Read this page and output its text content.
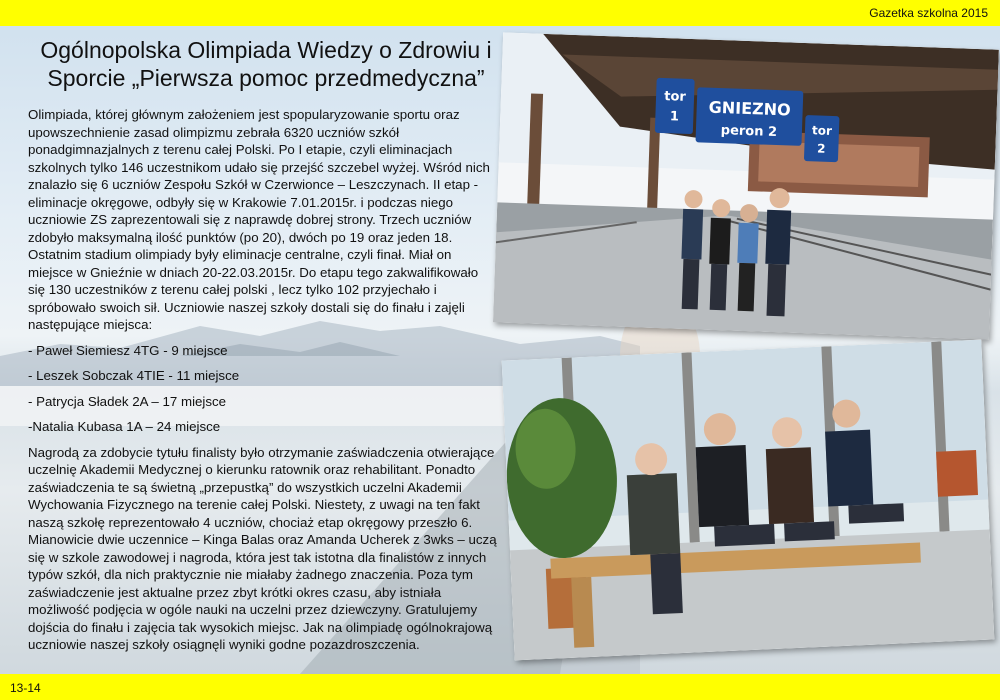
Gazetka szkolna 2015
Ogólnopolska Olimpiada Wiedzy o Zdrowiu i Sporcie „Pierwsza pomoc przedmedyczna”

Olimpiada, której głównym założeniem jest spopularyzowanie sportu oraz upowszechnienie zasad olimpizmu zebrała 6320 uczniów szkół ponadgimnazjalnych z terenu całej Polski. Po I etapie, czyli eliminacjach szkolnych tylko 146 uczestnikom udało się przejść szczebel wyżej. Wśród nich znalazło się 6 uczniów Zespołu Szkół w Czerwionce – Leszczynach. II etap - eliminacje okręgowe, odbyły się w Krakowie 7.01.2015r. i podczas niego uczniowie ZS zaprezentowali się z naprawdę dobrej strony. Trzech uczniów zdobyło maksymalną ilość punktów (po 20), dwóch po 19 oraz jeden 18. Ostatnim stadium olimpiady były eliminacje centralne, czyli finał. Miał on miejsce w Gnieźnie w dniach 20-22.03.2015r. Do etapu tego zakwalifikowało się 130 uczestników z terenu całej polski , lecz tylko 102 przyjechało i spróbowało swoich sił. Uczniowie naszej szkoły dostali się do finału i zajęli następujące miejsca:

- Paweł Siemiesz 4TG - 9 miejsce
- Leszek Sobczak 4TIE - 11 miejsce
- Patrycja Sładek 2A – 17 miejsce
-Natalia Kubasa 1A – 24 miejsce

Nagrodą za zdobycie tytułu finalisty było otrzymanie zaświadczenia otwierające uczelnię Akademii Medycznej o kierunku ratownik oraz rehabilitant. Ponadto zaświadczenia te są świetną „przepustką” do wszystkich uczelni Akademii Wychowania Fizycznego na terenie całej Polski. Niestety, z uwagi na ten fakt naszą szkołę reprezentowało 4 uczniów, chociaż etap okręgowy przeszło 6. Mianowicie dwie uczennice – Kinga Balas oraz Amanda Ucherek z 3wks – uczą się w szkole zawodowej i nagroda, która jest tak istotna dla finalistów z innych typów szkół, dla nich praktycznie nie miałaby żadnego znaczenia. Poza tym zaświadczenie jest aktualne przez zbyt krótki okres czasu, aby istniała możliwość podjęcia w ogóle nauki na uczelni przez dziewczyny. Gratulujemy dojścia do finału i zajęcia tak wysokich miejsc. Jak na olimpiadę ogólnokrajową uczniowie naszej szkoły osiągnęli wyniki godne pozazdroszczenia.

tor
1 GNIEZNO
peron 2	tor
2
13-14
